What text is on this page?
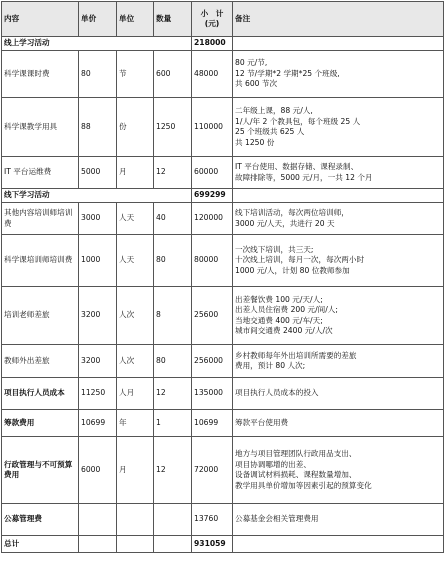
内容	单价	单位	数量	小　计
(元)	备注
线上学习活动				218000	
科学课课时费	80	节	600	48000	80 元/节,
12 节/学期*2 学期*25 个班级,
共 600 节次

科学课教学用具	88	份	1250	110000	二年级上课，88 元/人,
1/人/年 2 个教具包，每个班级 25 人
25 个班级共 625 人
共 1250 份

IT 平台运维费	5000	月	12	60000	IT 平台使用、数据存储、课程录制、
故障排除等，5000 元/月，一共 12 个月

线下学习活动				699299	
其他内容培训师培训费	3000	人天	40	120000	线下培训活动，每次两位培训师，
3000 元/人天，共进行 20 天

科学课培训师培训费	1000	人天	80	80000	一次线下培训，共三天;
十次线上培训，每月一次，每次两小时
1000 元/人，计划 80 位教师参加

培训老师差旅	3200	人次	8	25600	出差餐饮费 100 元/天/人;
出差人员住宿费 200 元/间/人;
当地交通费 400 元/车/天;
城市间交通费 2400 元/人/次

教师外出差旅	3200	人次	80	256000	乡村教师每年外出培训所需要的差旅
费用，预计 80 人次;

项目执行人员成本	11250	人月	12	135000	项目执行人员成本的投入

筹款费用	10699	年	1	10699	筹款平台使用费

行政管理与不可预算费用	6000	月	12	72000	地方与项目管理团队行政用品支出、
项目协调哪增的出差、
设备调试材料损耗、课程数量增加、
教学用具单价增加等因素引起的预算变化

公募管理费				13760	公募基金会相关管理费用

总计				931059	
